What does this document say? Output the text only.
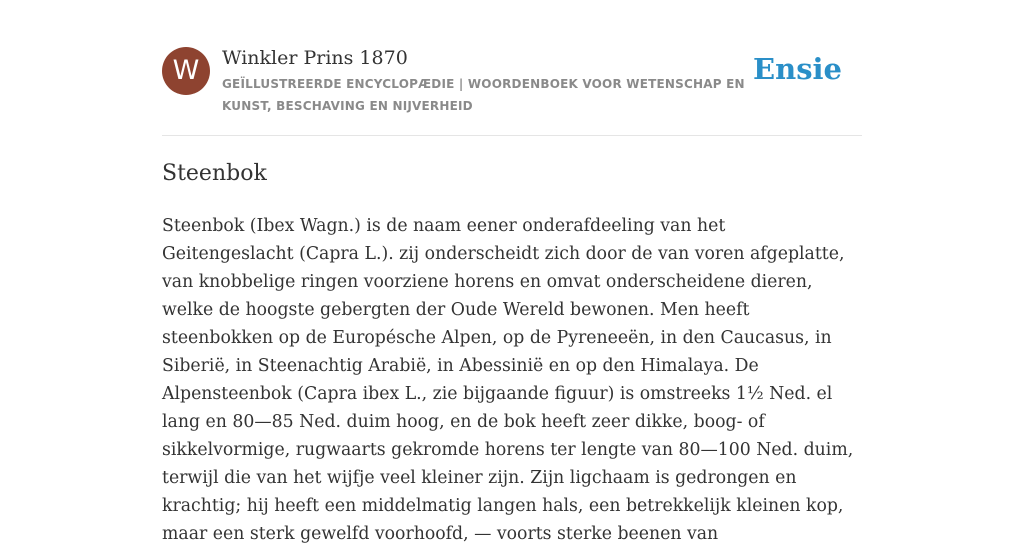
W	Winkler Prins 1870

GEÏLLUSTREERDE ENCYCLOPÆDIE | WOORDENBOEK VOOR WETENSCHAP EN KUNST, BESCHAVING EN NIJVERHEID

Ensie
Steenbok

Steenbok (Ibex Wagn.) is de naam eener onderafdeeling van het Geitengeslacht (Capra L.). zij onderscheidt zich door de van voren afgeplatte, van knobbelige ringen voorziene horens en omvat onderscheidene dieren, welke de hoogste gebergten der Oude Wereld bewonen. Men heeft steenbokken op de Europésche Alpen, op de Pyreneeën, in den Caucasus, in Siberië, in Steenachtig Arabië, in Abessinië en op den Himalaya. De Alpensteenbok (Capra ibex L., zie bijgaande figuur) is omstreeks 1½ Ned. el lang en 80—85 Ned. duim hoog, en de bok heeft zeer dikke, boog- of sikkelvormige, rugwaarts gekromde horens ter lengte van 80—100 Ned. duim, terwijl die van het wijfje veel kleiner zijn. Zijn ligchaam is gedrongen en krachtig; hij heeft een middelmatig langen hals, een betrekkelijk kleinen kop, maar een sterk gewelfd voorhoofd, — voorts sterke beenen van
